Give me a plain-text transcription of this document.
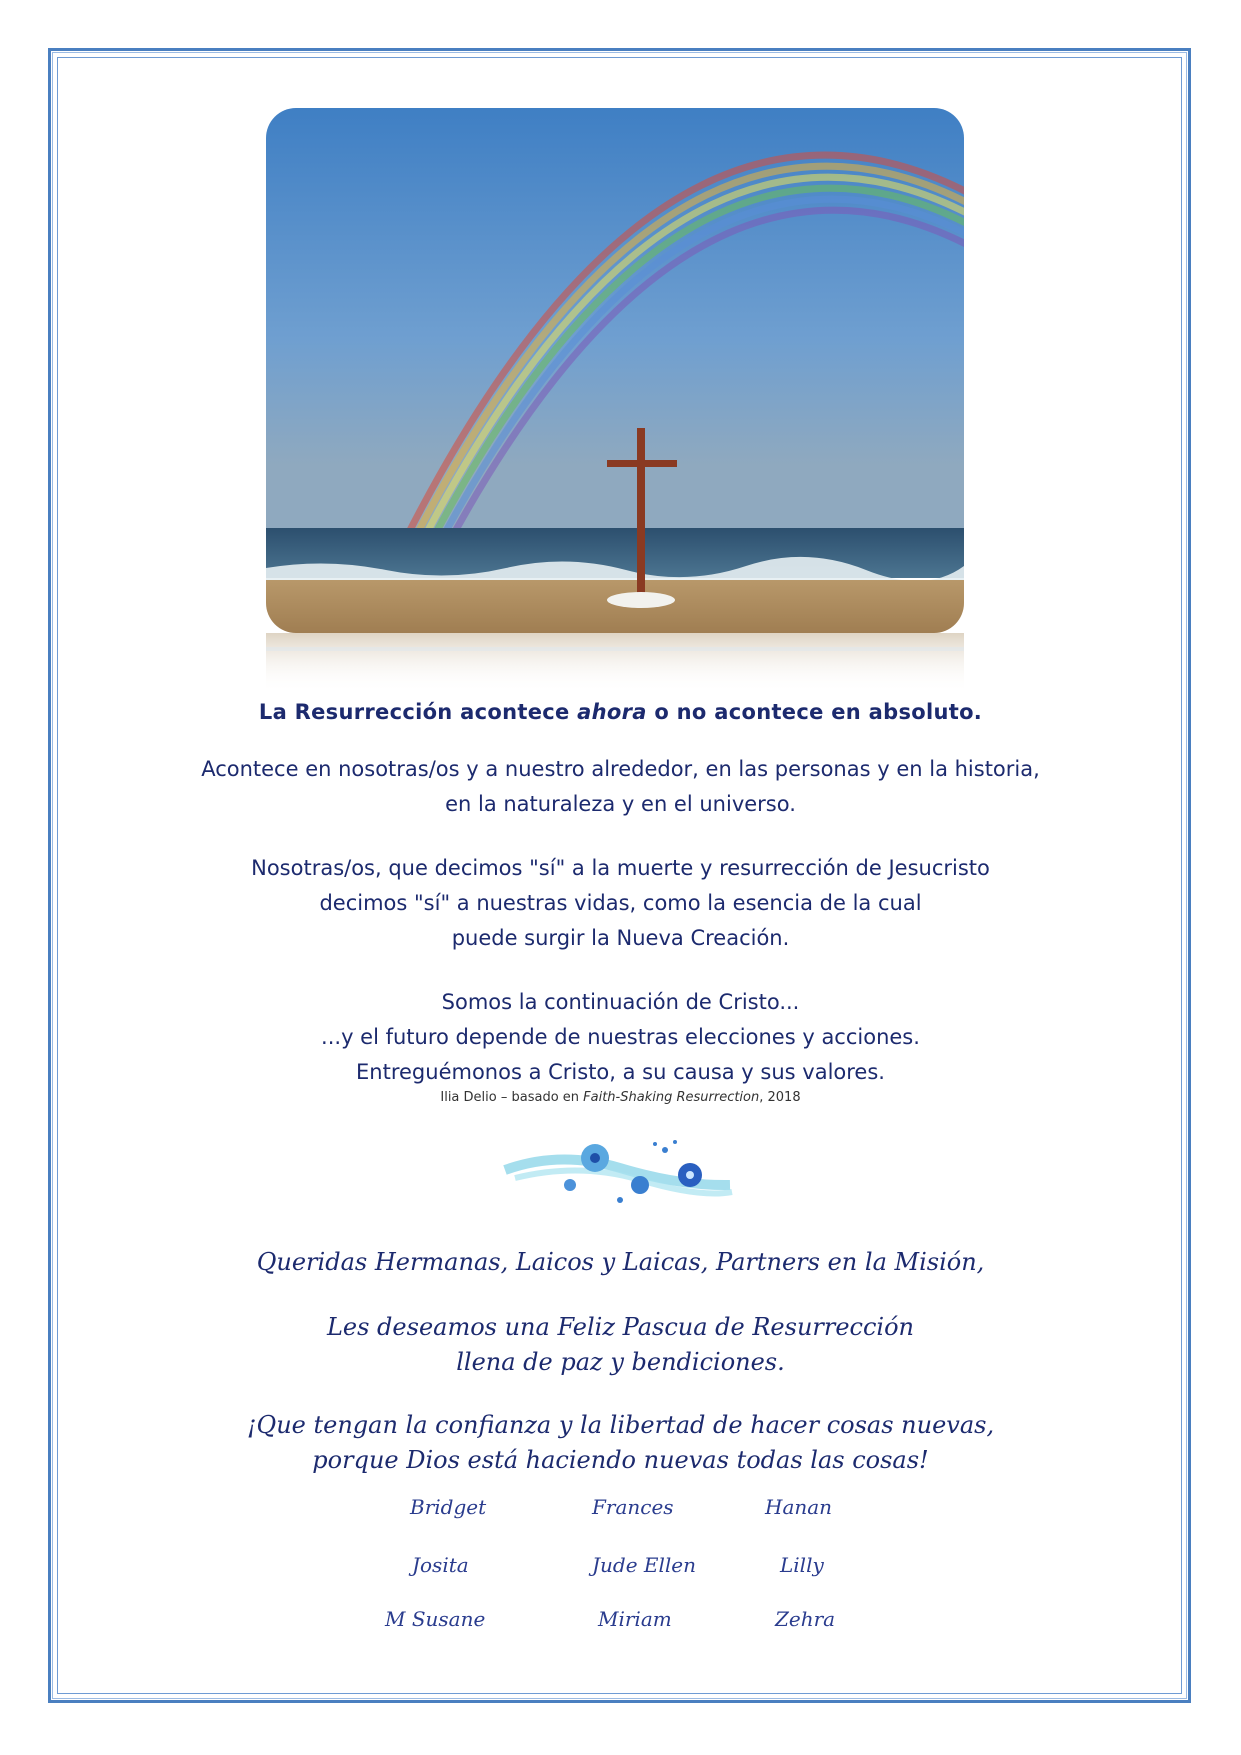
La Resurrección acontece ahora o no acontece en absoluto.
Acontece en nosotras/os y a nuestro alrededor, en las personas y en la historia,
en la naturaleza y en el universo.
Nosotras/os, que decimos "sí" a la muerte y resurrección de Jesucristo
decimos "sí" a nuestras vidas, como la esencia de la cual
puede surgir la Nueva Creación.
Somos la continuación de Cristo...
...y el futuro depende de nuestras elecciones y acciones.
Entreguémonos a Cristo, a su causa y sus valores.
Ilia Delio – basado en Faith-Shaking Resurrection, 2018
Queridas Hermanas, Laicos y Laicas, Partners en la Misión,
Les deseamos una Feliz Pascua de Resurrección
llena de paz y bendiciones.
¡Que tengan la confianza y la libertad de hacer cosas nuevas,
porque Dios está haciendo nuevas todas las cosas!
Bridget	Frances	Hanan
Josita	Jude Ellen	Lilly
M Susane	Miriam	Zehra
